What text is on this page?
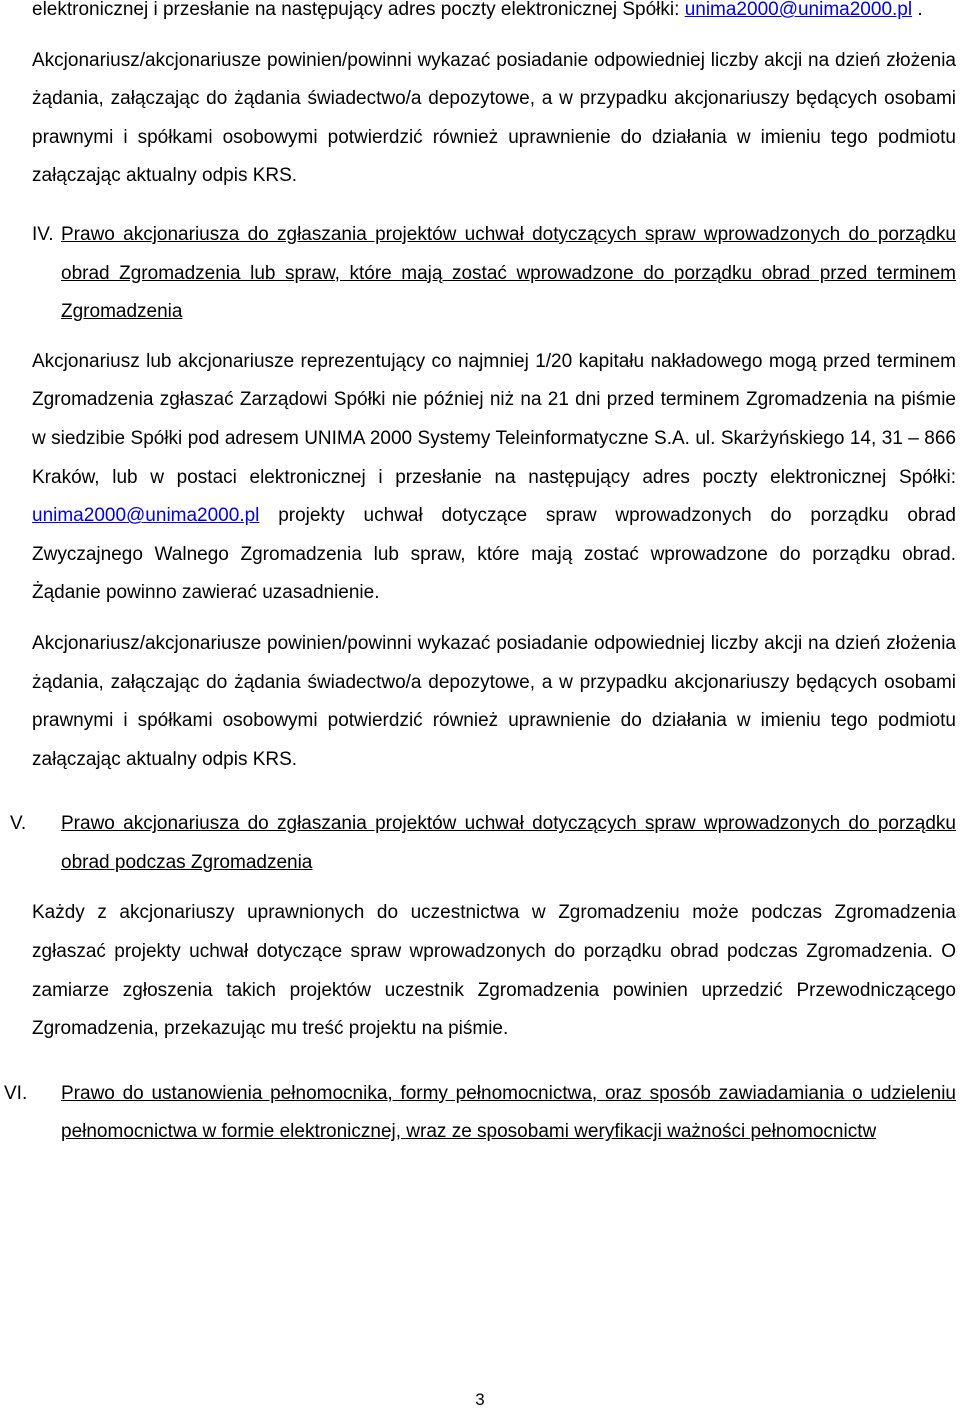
elektronicznej i przesłanie na następujący adres poczty elektronicznej Spółki: unima2000@unima2000.pl .

Akcjonariusz/akcjonariusze powinien/powinni wykazać posiadanie odpowiedniej liczby akcji na dzień złożenia żądania, załączając do żądania świadectwo/a depozytowe, a w przypadku akcjonariuszy będących osobami prawnymi i spółkami osobowymi potwierdzić również uprawnienie do działania w imieniu tego podmiotu załączając aktualny odpis KRS.

IV. Prawo akcjonariusza do zgłaszania projektów uchwał dotyczących spraw wprowadzonych do porządku obrad Zgromadzenia lub spraw, które mają zostać wprowadzone do porządku obrad przed terminem Zgromadzenia

Akcjonariusz lub akcjonariusze reprezentujący co najmniej 1/20 kapitału nakładowego mogą przed terminem Zgromadzenia zgłaszać Zarządowi Spółki nie później niż na 21 dni przed terminem Zgromadzenia na piśmie w siedzibie Spółki pod adresem UNIMA 2000 Systemy Teleinformatyczne S.A. ul. Skarżyńskiego 14, 31 – 866 Kraków, lub w postaci elektronicznej i przesłanie na następujący adres poczty elektronicznej Spółki: unima2000@unima2000.pl projekty uchwał dotyczące spraw wprowadzonych do porządku obrad Zwyczajnego Walnego Zgromadzenia lub spraw, które mają zostać wprowadzone do porządku obrad. Żądanie powinno zawierać uzasadnienie.

Akcjonariusz/akcjonariusze powinien/powinni wykazać posiadanie odpowiedniej liczby akcji na dzień złożenia żądania, załączając do żądania świadectwo/a depozytowe, a w przypadku akcjonariuszy będących osobami prawnymi i spółkami osobowymi potwierdzić również uprawnienie do działania w imieniu tego podmiotu załączając aktualny odpis KRS.

V.	Prawo akcjonariusza do zgłaszania projektów uchwał dotyczących spraw wprowadzonych do porządku obrad podczas Zgromadzenia

Każdy z akcjonariuszy uprawnionych do uczestnictwa w Zgromadzeniu może podczas Zgromadzenia zgłaszać projekty uchwał dotyczące spraw wprowadzonych do porządku obrad podczas Zgromadzenia. O zamiarze zgłoszenia takich projektów uczestnik Zgromadzenia powinien uprzedzić Przewodniczącego Zgromadzenia, przekazując mu treść projektu na piśmie.

VI.	Prawo do ustanowienia pełnomocnika, formy pełnomocnictwa, oraz sposób zawiadamiania o udzieleniu pełnomocnictwa w formie elektronicznej, wraz ze sposobami weryfikacji ważności pełnomocnictw
3
